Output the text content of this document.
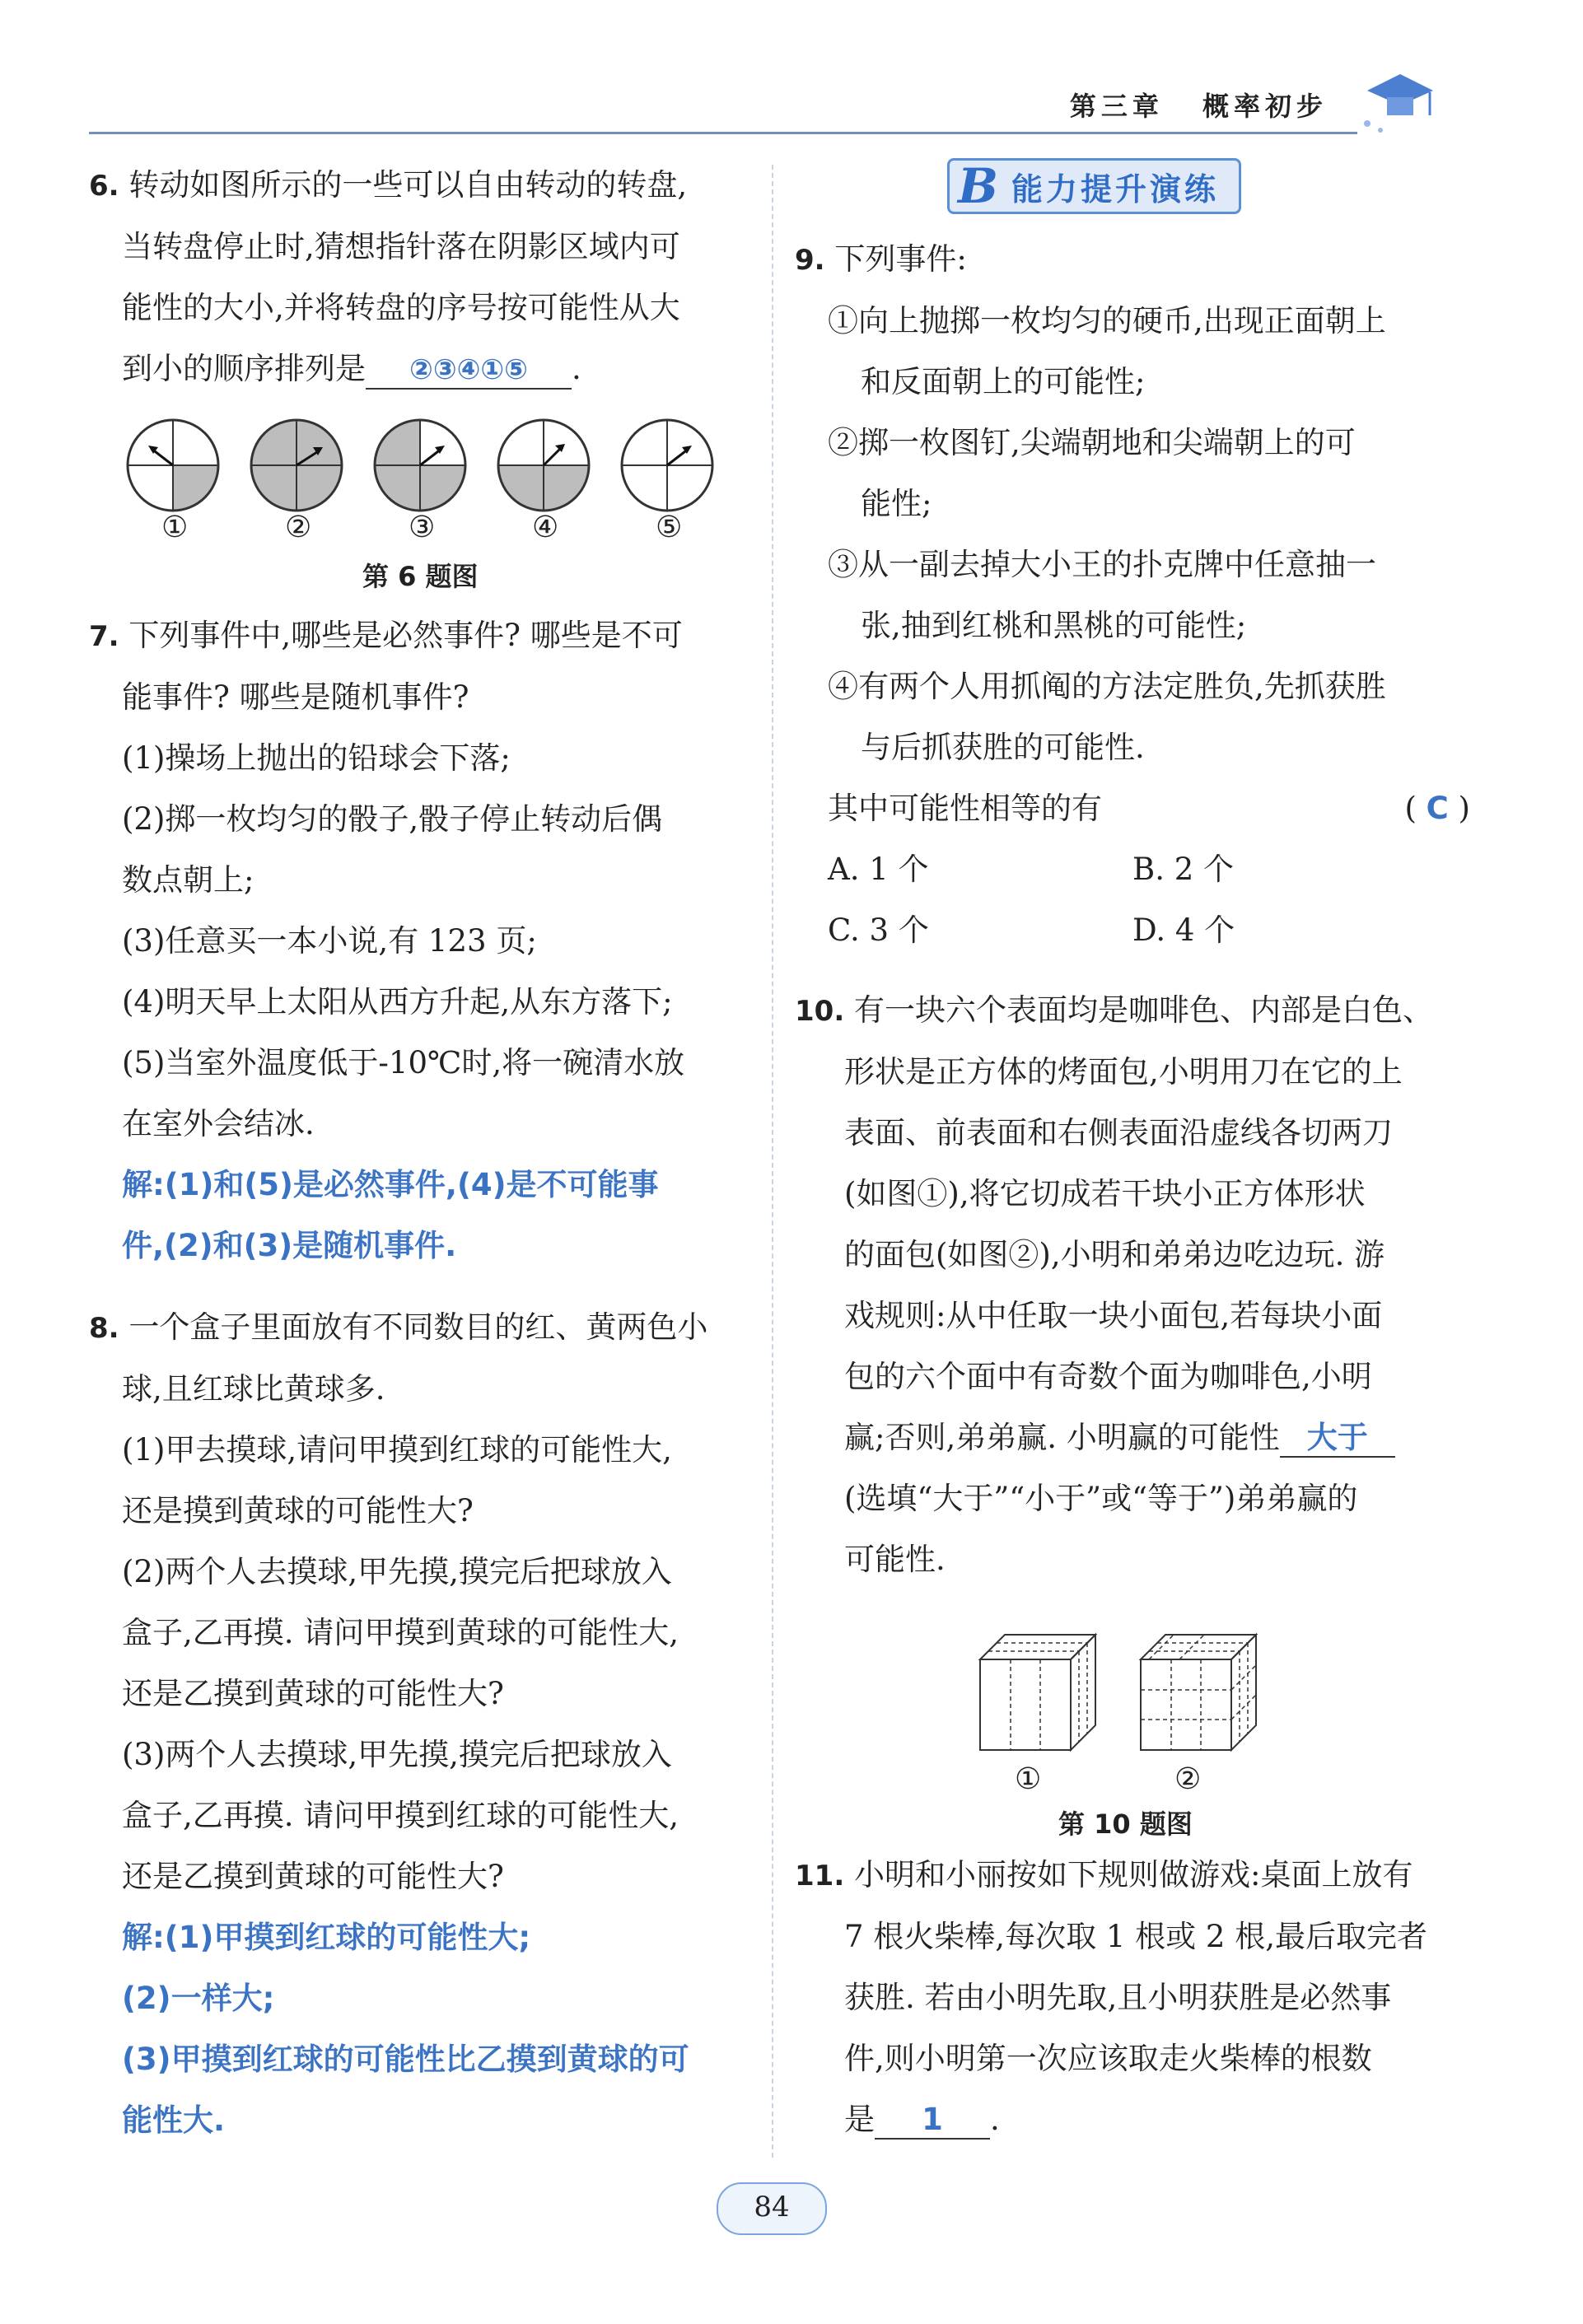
第三章 概率初步
6. 转动如图所示的一些可以自由转动的转盘,
当转盘停止时,猜想指针落在阴影区域内可
能性的大小,并将转盘的序号按可能性从大
到小的顺序排列是 ②③④①⑤ .
①	②	③	④	⑤
第 6 题图
7. 下列事件中,哪些是必然事件? 哪些是不可
能事件? 哪些是随机事件?
(1)操场上抛出的铅球会下落;
(2)掷一枚均匀的骰子,骰子停止转动后偶
数点朝上;
(3)任意买一本小说,有 123 页;
(4)明天早上太阳从西方升起,从东方落下;
(5)当室外温度低于-10℃时,将一碗清水放
在室外会结冰.
解:(1)和(5)是必然事件,(4)是不可能事
件,(2)和(3)是随机事件.
8. 一个盒子里面放有不同数目的红、黄两色小
球,且红球比黄球多.
(1)甲去摸球,请问甲摸到红球的可能性大,
还是摸到黄球的可能性大?
(2)两个人去摸球,甲先摸,摸完后把球放入
盒子,乙再摸. 请问甲摸到黄球的可能性大,
还是乙摸到黄球的可能性大?
(3)两个人去摸球,甲先摸,摸完后把球放入
盒子,乙再摸. 请问甲摸到红球的可能性大,
还是乙摸到黄球的可能性大?
解:(1)甲摸到红球的可能性大;
(2)一样大;
(3)甲摸到红球的可能性比乙摸到黄球的可
能性大.
B 能力提升演练
9. 下列事件:
①向上抛掷一枚均匀的硬币,出现正面朝上
和反面朝上的可能性;
②掷一枚图钉,尖端朝地和尖端朝上的可
能性;
③从一副去掉大小王的扑克牌中任意抽一
张,抽到红桃和黑桃的可能性;
④有两个人用抓阄的方法定胜负,先抓获胜
与后抓获胜的可能性.
其中可能性相等的有	( C )
A. 1 个	B. 2 个
C. 3 个	D. 4 个
10. 有一块六个表面均是咖啡色、内部是白色、
形状是正方体的烤面包,小明用刀在它的上
表面、前表面和右侧表面沿虚线各切两刀
(如图①),将它切成若干块小正方体形状
的面包(如图②),小明和弟弟边吃边玩. 游
戏规则:从中任取一块小面包,若每块小面
包的六个面中有奇数个面为咖啡色,小明
赢;否则,弟弟赢. 小明赢的可能性 大于
(选填“大于”“小于”或“等于”)弟弟赢的
可能性.
①	②
第 10 题图
11. 小明和小丽按如下规则做游戏:桌面上放有
7 根火柴棒,每次取 1 根或 2 根,最后取完者
获胜. 若由小明先取,且小明获胜是必然事
件,则小明第一次应该取走火柴棒的根数
是 1 .
84
